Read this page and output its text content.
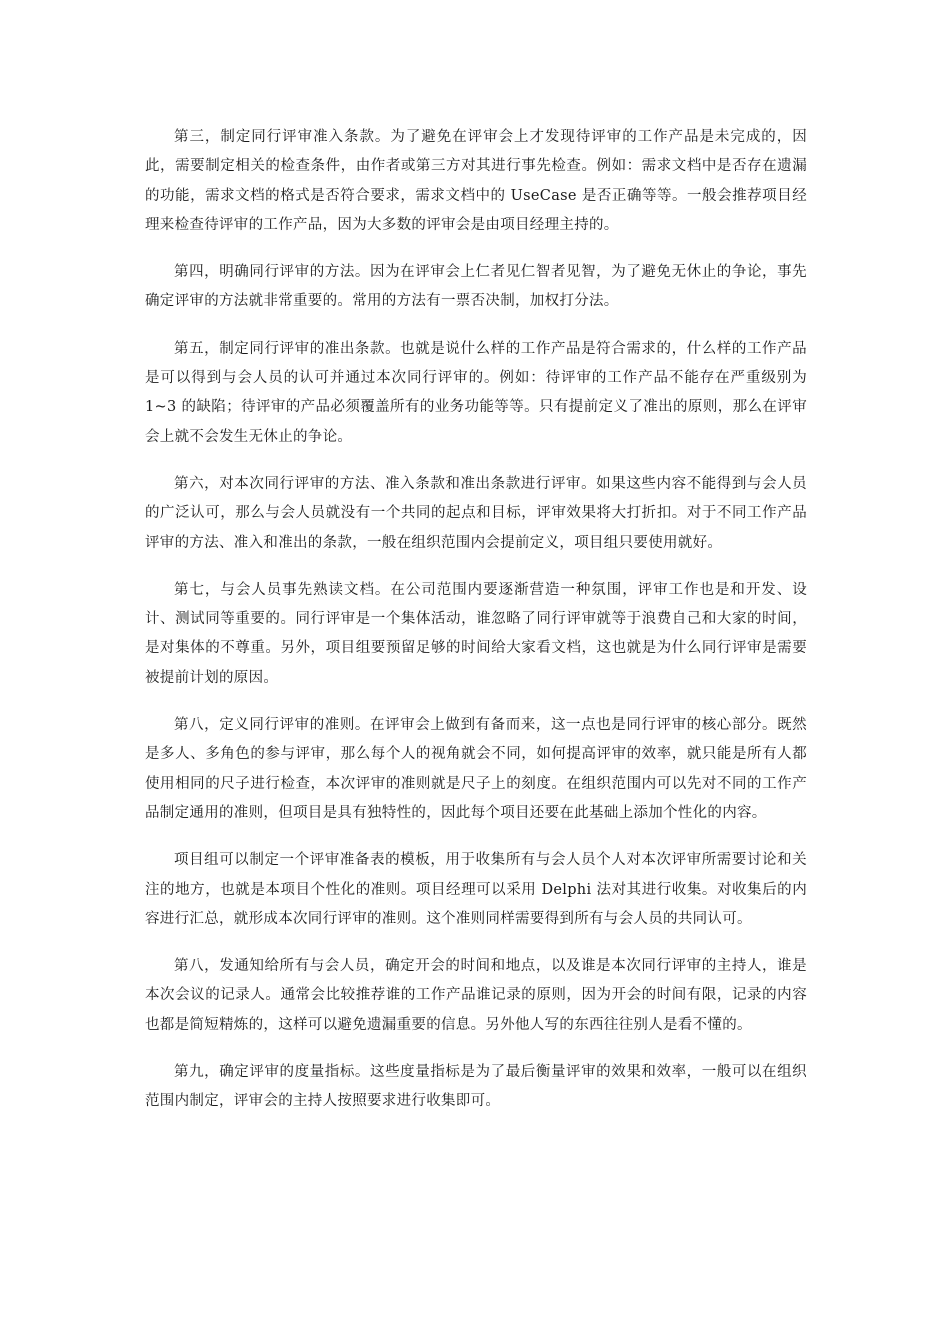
第三，制定同行评审准入条款。为了避免在评审会上才发现待评审的工作产品是未完成的，因此，需要制定相关的检查条件，由作者或第三方对其进行事先检查。例如：需求文档中是否存在遗漏的功能，需求文档的格式是否符合要求，需求文档中的 UseCase 是否正确等等。一般会推荐项目经理来检查待评审的工作产品，因为大多数的评审会是由项目经理主持的。

第四，明确同行评审的方法。因为在评审会上仁者见仁智者见智，为了避免无休止的争论，事先确定评审的方法就非常重要的。常用的方法有一票否决制，加权打分法。

第五，制定同行评审的准出条款。也就是说什么样的工作产品是符合需求的，什么样的工作产品是可以得到与会人员的认可并通过本次同行评审的。例如：待评审的工作产品不能存在严重级别为 1~3 的缺陷；待评审的产品必须覆盖所有的业务功能等等。只有提前定义了准出的原则，那么在评审会上就不会发生无休止的争论。

第六，对本次同行评审的方法、准入条款和准出条款进行评审。如果这些内容不能得到与会人员的广泛认可，那么与会人员就没有一个共同的起点和目标，评审效果将大打折扣。对于不同工作产品评审的方法、准入和准出的条款，一般在组织范围内会提前定义，项目组只要使用就好。

第七，与会人员事先熟读文档。在公司范围内要逐渐营造一种氛围，评审工作也是和开发、设计、测试同等重要的。同行评审是一个集体活动，谁忽略了同行评审就等于浪费自己和大家的时间，是对集体的不尊重。另外，项目组要预留足够的时间给大家看文档，这也就是为什么同行评审是需要被提前计划的原因。

第八，定义同行评审的准则。在评审会上做到有备而来，这一点也是同行评审的核心部分。既然是多人、多角色的参与评审，那么每个人的视角就会不同，如何提高评审的效率，就只能是所有人都使用相同的尺子进行检查，本次评审的准则就是尺子上的刻度。在组织范围内可以先对不同的工作产品制定通用的准则，但项目是具有独特性的，因此每个项目还要在此基础上添加个性化的内容。

项目组可以制定一个评审准备表的模板，用于收集所有与会人员个人对本次评审所需要讨论和关注的地方，也就是本项目个性化的准则。项目经理可以采用 Delphi 法对其进行收集。对收集后的内容进行汇总，就形成本次同行评审的准则。这个准则同样需要得到所有与会人员的共同认可。

第八，发通知给所有与会人员，确定开会的时间和地点，以及谁是本次同行评审的主持人，谁是本次会议的记录人。通常会比较推荐谁的工作产品谁记录的原则，因为开会的时间有限，记录的内容也都是简短精炼的，这样可以避免遗漏重要的信息。另外他人写的东西往往别人是看不懂的。

第九，确定评审的度量指标。这些度量指标是为了最后衡量评审的效果和效率，一般可以在组织范围内制定，评审会的主持人按照要求进行收集即可。
